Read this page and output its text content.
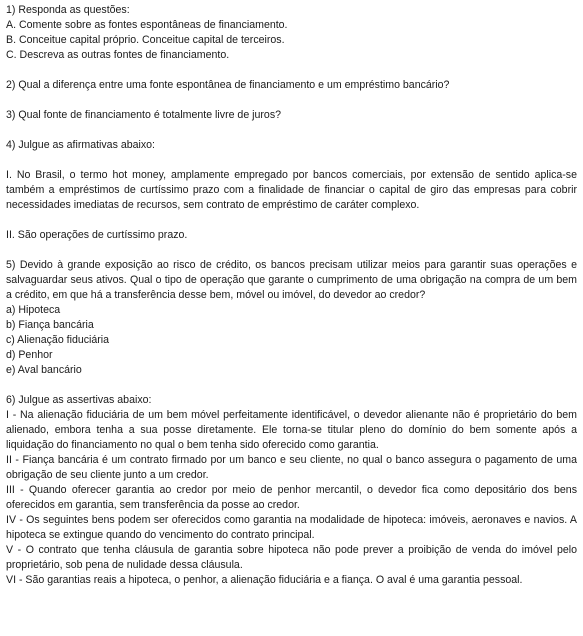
1) Responda as questões:
A. Comente sobre as fontes espontâneas de financiamento.
B. Conceitue capital próprio. Conceitue capital de terceiros.
C. Descreva as outras fontes de financiamento.
2) Qual a diferença entre uma fonte espontânea de financiamento e um empréstimo bancário?
3) Qual fonte de financiamento é totalmente livre de juros?
4) Julgue as afirmativas abaixo:
I. No Brasil, o termo hot money, amplamente empregado por bancos comerciais, por extensão de sentido aplica-se também a empréstimos de curtíssimo prazo com a finalidade de financiar o capital de giro das empresas para cobrir necessidades imediatas de recursos, sem contrato de empréstimo de caráter complexo.
II. São operações de curtíssimo prazo.
5) Devido à grande exposição ao risco de crédito, os bancos precisam utilizar meios para garantir suas operações e salvaguardar seus ativos. Qual o tipo de operação que garante o cumprimento de uma obrigação na compra de um bem a crédito, em que há a transferência desse bem, móvel ou imóvel, do devedor ao credor?
a) Hipoteca
b) Fiança bancária
c) Alienação fiduciária
d) Penhor
e) Aval bancário
6) Julgue as assertivas abaixo:
I - Na alienação fiduciária de um bem móvel perfeitamente identificável, o devedor alienante não é proprietário do bem alienado, embora tenha a sua posse diretamente. Ele torna-se titular pleno do domínio do bem somente após a liquidação do financiamento no qual o bem tenha sido oferecido como garantia.
II - Fiança bancária é um contrato firmado por um banco e seu cliente, no qual o banco assegura o pagamento de uma obrigação de seu cliente junto a um credor.
III - Quando oferecer garantia ao credor por meio de penhor mercantil, o devedor fica como depositário dos bens oferecidos em garantia, sem transferência da posse ao credor.
IV - Os seguintes bens podem ser oferecidos como garantia na modalidade de hipoteca: imóveis, aeronaves e navios. A hipoteca se extingue quando do vencimento do contrato principal.
V - O contrato que tenha cláusula de garantia sobre hipoteca não pode prever a proibição de venda do imóvel pelo proprietário, sob pena de nulidade dessa cláusula.
VI - São garantias reais a hipoteca, o penhor, a alienação fiduciária e a fiança. O aval é uma garantia pessoal.
